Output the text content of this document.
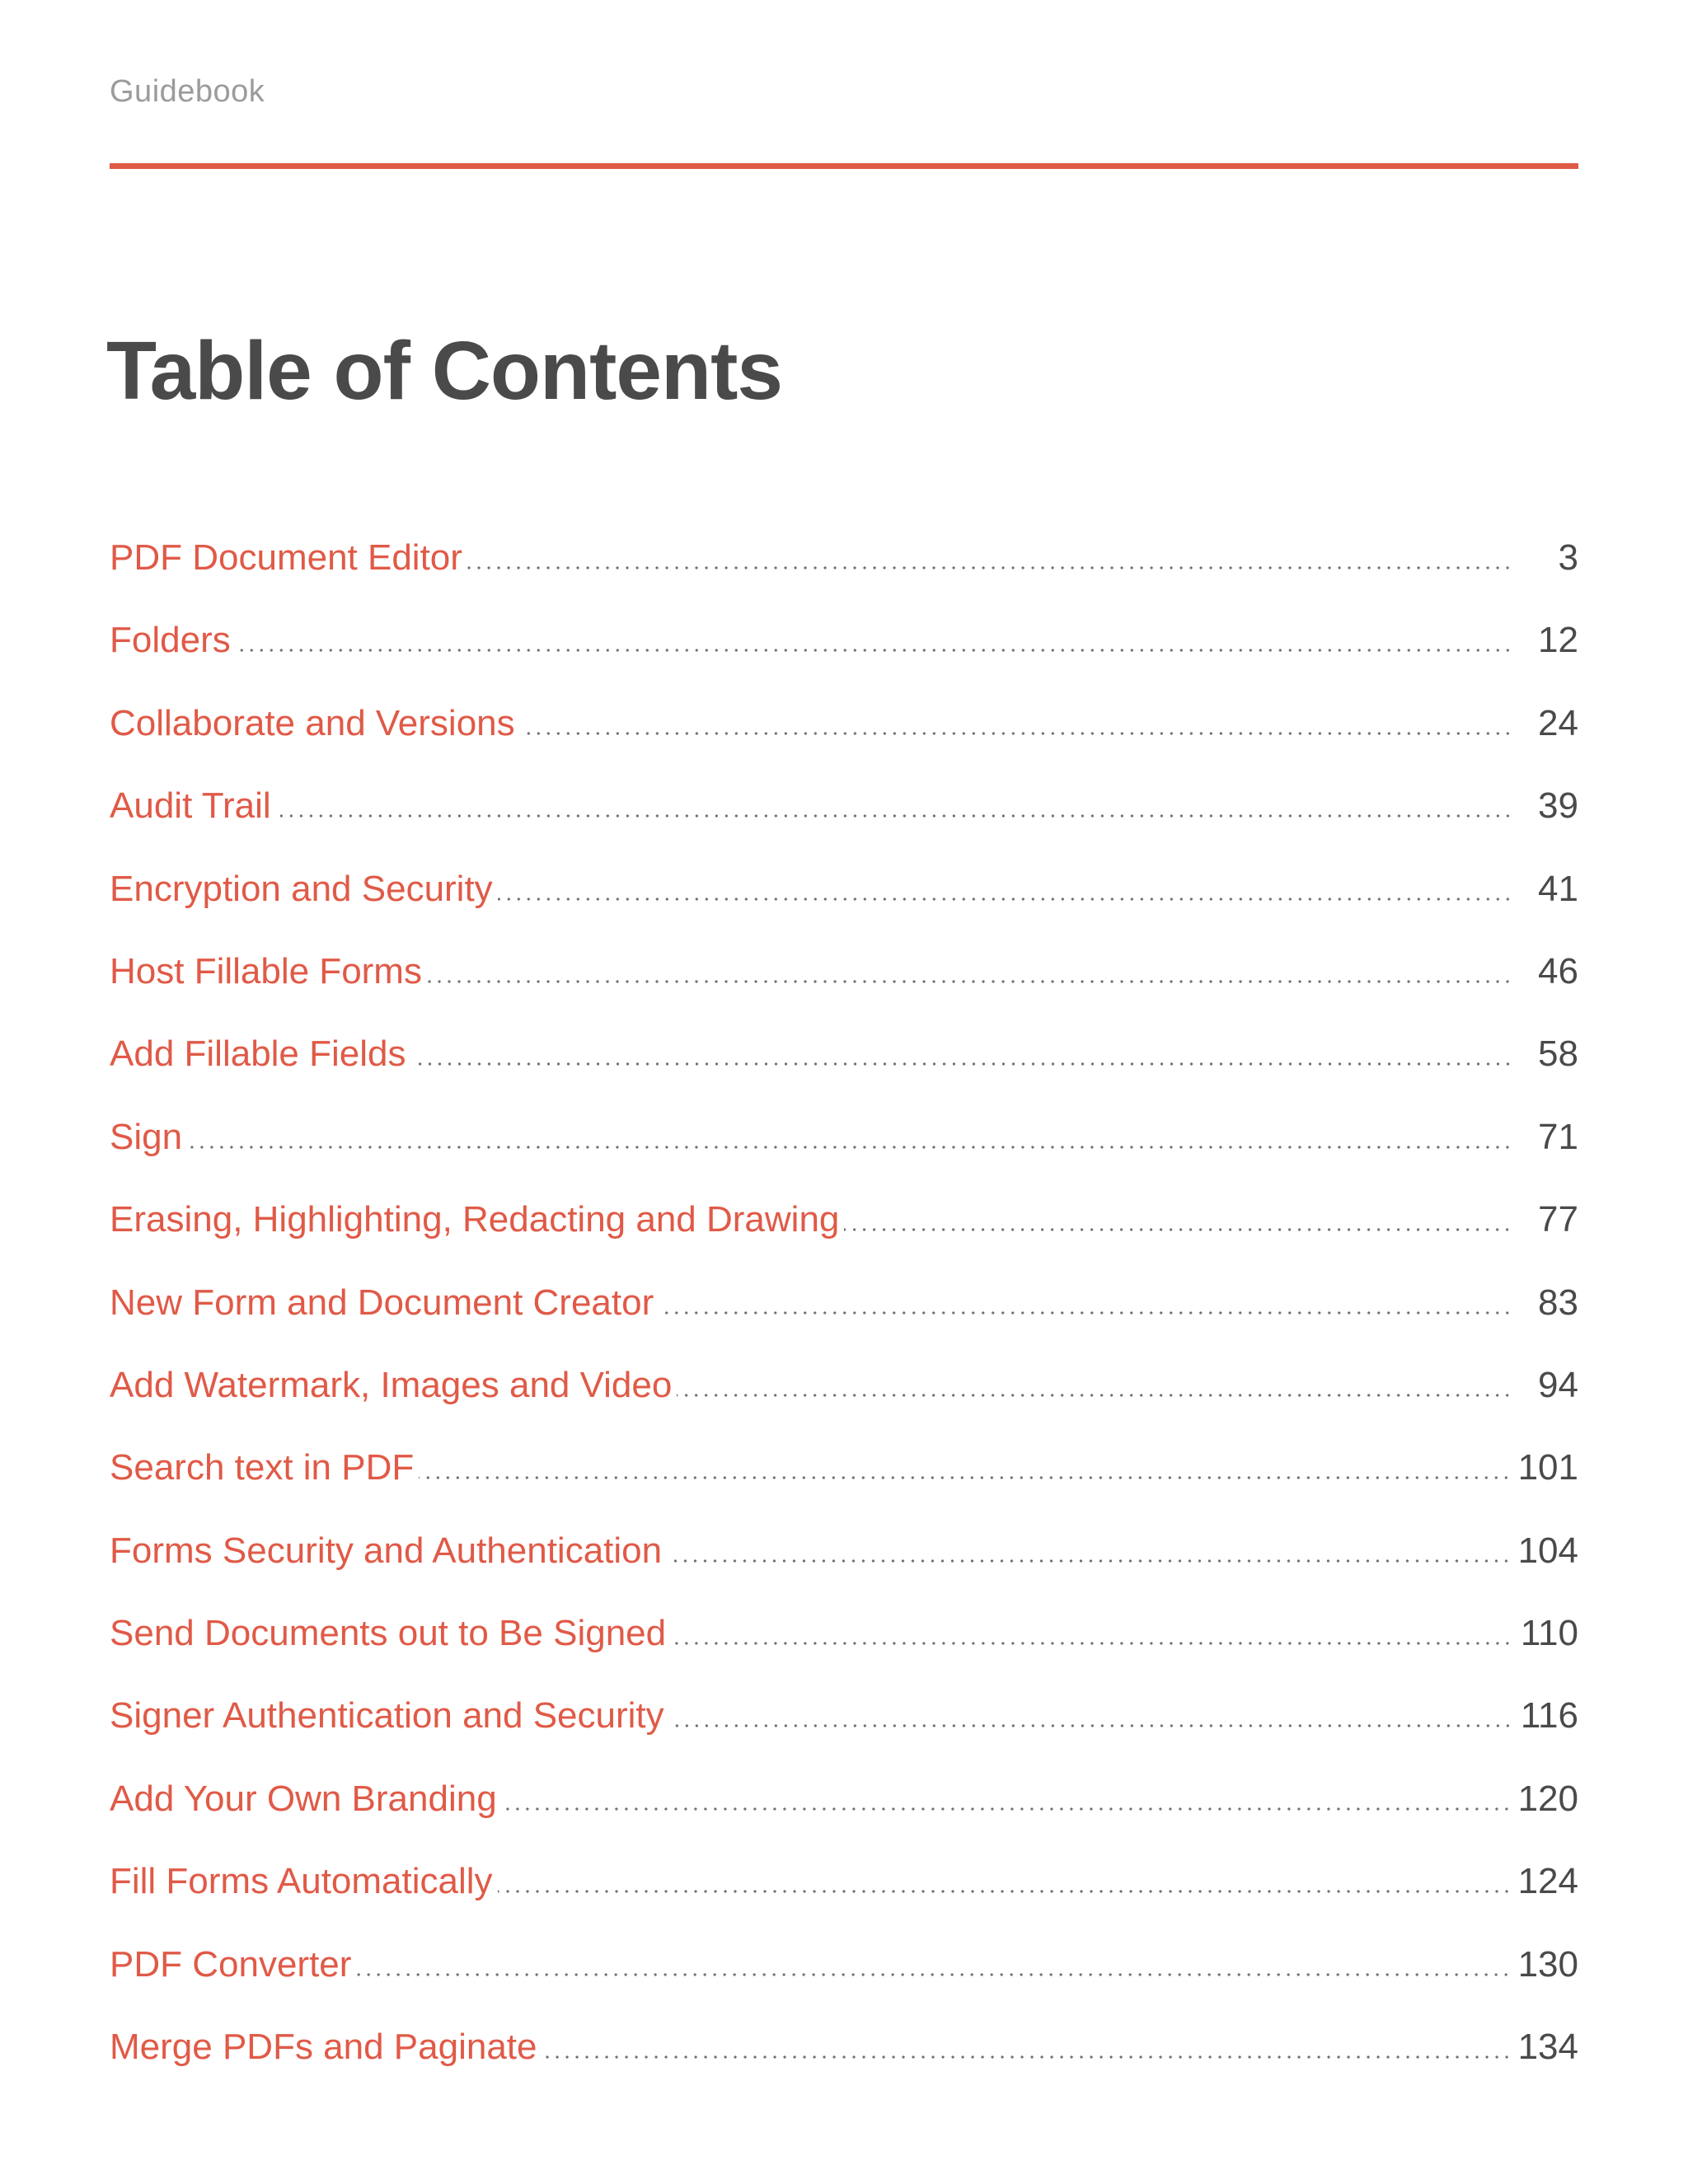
Guidebook
Table of Contents
PDF Document Editor	3
Folders	12
Collaborate and Versions	24
Audit Trail	39
Encryption and Security	41
Host Fillable Forms	46
Add Fillable Fields	58
Sign	71
Erasing, Highlighting, Redacting and Drawing	77
New Form and Document Creator	83
Add Watermark, Images and Video	94
Search text in PDF	101
Forms Security and Authentication	104
Send Documents out to Be Signed	110
Signer Authentication and Security	116
Add Your Own Branding	120
Fill Forms Automatically	124
PDF Converter	130
Merge PDFs and Paginate	134
